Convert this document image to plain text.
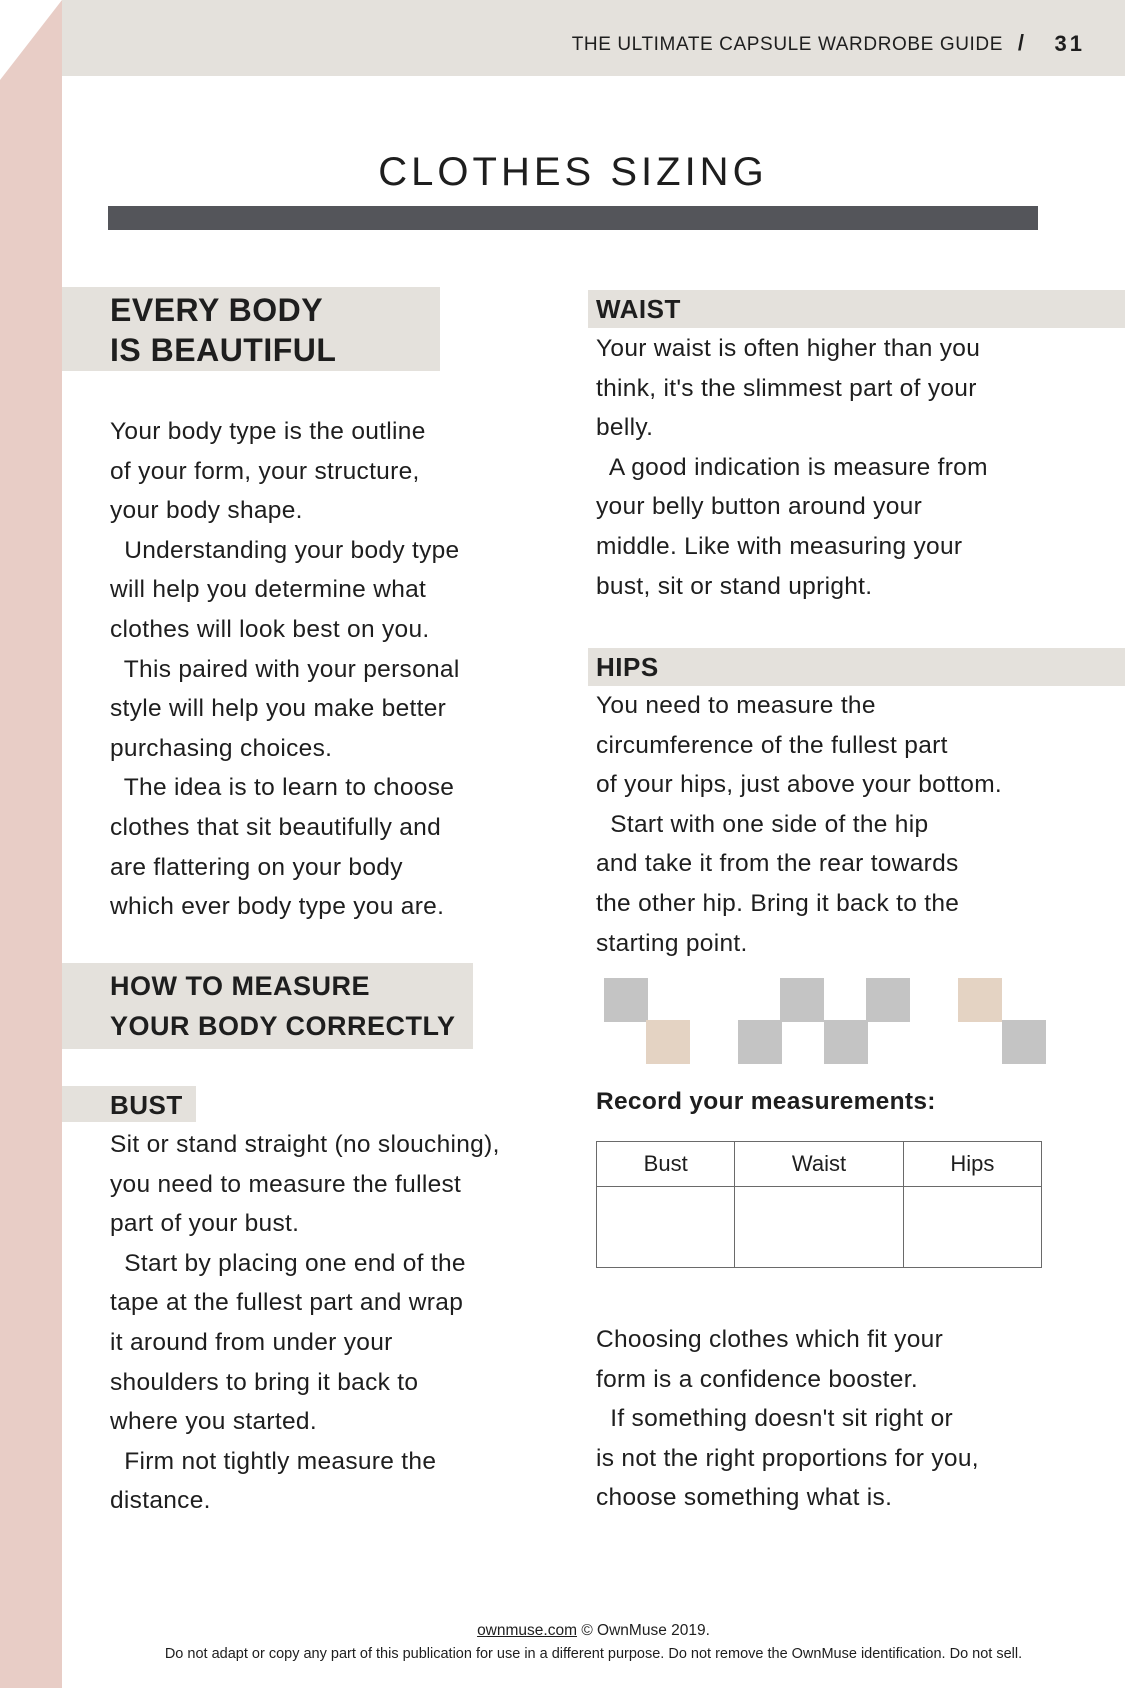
THE ULTIMATE CAPSULE WARDROBE GUIDE / 31
CLOTHES SIZING
EVERY BODY
IS BEAUTIFUL
Your body type is the outline
of your form, your structure,
your body shape.
Understanding your body type
will help you determine what
clothes will look best on you.
This paired with your personal
style will help you make better
purchasing choices.
The idea is to learn to choose
clothes that sit beautifully and
are flattering on your body
which ever body type you are.
HOW TO MEASURE
YOUR BODY CORRECTLY
BUST
Sit or stand straight (no slouching),
you need to measure the fullest
part of your bust.
Start by placing one end of the
tape at the fullest part and wrap
it around from under your
shoulders to bring it back to
where you started.
Firm not tightly measure the
distance.
WAIST
Your waist is often higher than you
think, it's the slimmest part of your
belly.
A good indication is measure from
your belly button around your
middle. Like with measuring your
bust, sit or stand upright.
HIPS
You need to measure the
circumference of the fullest part
of your hips, just above your bottom.
Start with one side of the hip
and take it from the rear towards
the other hip. Bring it back to the
starting point.
Record your measurements:
Bust	Waist	Hips

Choosing clothes which fit your
form is a confidence booster.
If something doesn't sit right or
is not the right proportions for you,
choose something what is.
ownmuse.com © OwnMuse 2019.
Do not adapt or copy any part of this publication for use in a different purpose. Do not remove the OwnMuse identification. Do not sell.
